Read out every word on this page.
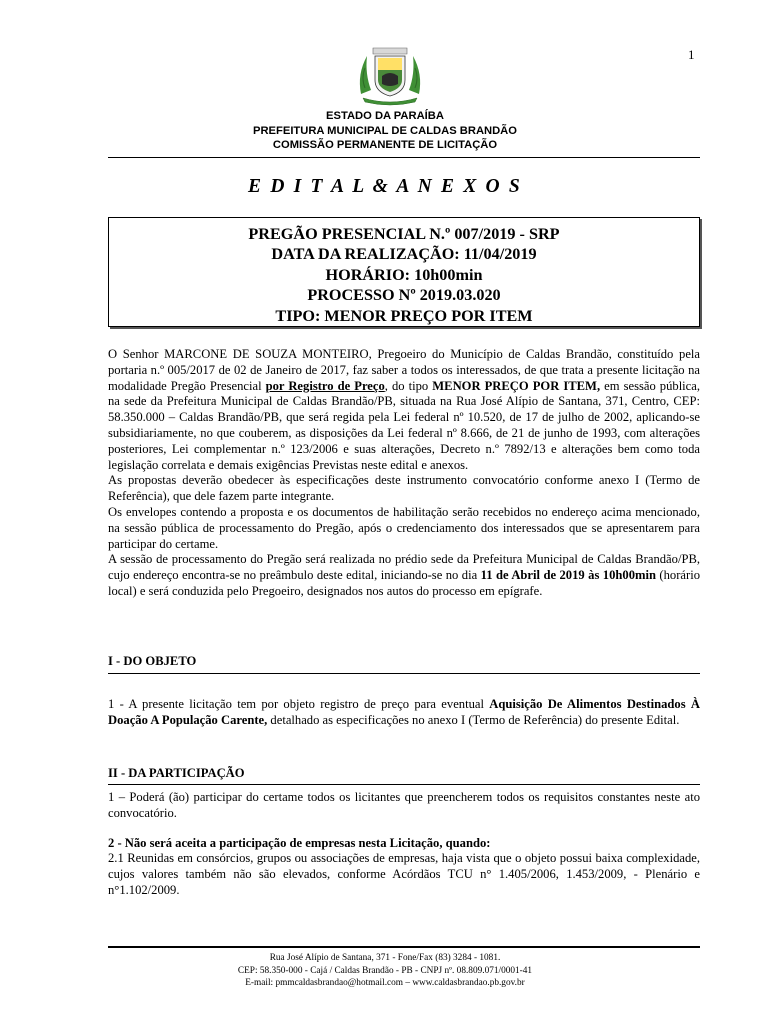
1
ESTADO DA PARAÍBA
PREFEITURA MUNICIPAL DE CALDAS BRANDÃO
COMISSÃO PERMANENTE DE LICITAÇÃO
E D I T A L & A N E X O S
PREGÃO PRESENCIAL N.º 007/2019 - SRP
DATA DA REALIZAÇÃO: 11/04/2019
HORÁRIO: 10h00min
PROCESSO Nº 2019.03.020
TIPO: MENOR PREÇO POR ITEM

O Senhor MARCONE DE SOUZA MONTEIRO, Pregoeiro do Município de Caldas Brandão, constituído pela portaria n.º 005/2017 de 02 de Janeiro de 2017, faz saber a todos os interessados, de que trata a presente licitação na modalidade Pregão Presencial por Registro de Preço, do tipo MENOR PREÇO POR ITEM, em sessão pública, na sede da Prefeitura Municipal de Caldas Brandão/PB, situada na Rua José Alípio de Santana, 371, Centro, CEP: 58.350.000 – Caldas Brandão/PB, que será regida pela Lei federal nº 10.520, de 17 de julho de 2002, aplicando-se subsidiariamente, no que couberem, as disposições da Lei federal nº 8.666, de 21 de junho de 1993, com alterações posteriores, Lei complementar n.º 123/2006 e suas alterações, Decreto n.º 7892/13 e alterações bem como toda legislação correlata e demais exigências Previstas neste edital e anexos.

As propostas deverão obedecer às especificações deste instrumento convocatório conforme anexo I (Termo de Referência), que dele fazem parte integrante.

Os envelopes contendo a proposta e os documentos de habilitação serão recebidos no endereço acima mencionado, na sessão pública de processamento do Pregão, após o credenciamento dos interessados que se apresentarem para participar do certame.

A sessão de processamento do Pregão será realizada no prédio sede da Prefeitura Municipal de Caldas Brandão/PB, cujo endereço encontra-se no preâmbulo deste edital, iniciando-se no dia 11 de Abril de 2019 às 10h00min (horário local) e será conduzida pelo Pregoeiro, designados nos autos do processo em epígrafe.

I - DO OBJETO

1 - A presente licitação tem por objeto registro de preço para eventual Aquisição De Alimentos Destinados À Doação A População Carente, detalhado as especificações no anexo I (Termo de Referência) do presente Edital.

II - DA PARTICIPAÇÃO

1 – Poderá (ão) participar do certame todos os licitantes que preencherem todos os requisitos constantes neste ato convocatório.

2 - Não será aceita a participação de empresas nesta Licitação, quando:

2.1 Reunidas em consórcios, grupos ou associações de empresas, haja vista que o objeto possui baixa complexidade, cujos valores também não são elevados, conforme Acórdãos TCU n° 1.405/2006, 1.453/2009, - Plenário e n°1.102/2009.

Rua José Alípio de Santana, 371 - Fone/Fax (83) 3284 - 1081.
CEP: 58.350-000 - Cajá / Caldas Brandão - PB - CNPJ nº. 08.809.071/0001-41
E-mail: pmmcaldasbrandao@hotmail.com – www.caldasbrandao.pb.gov.br
